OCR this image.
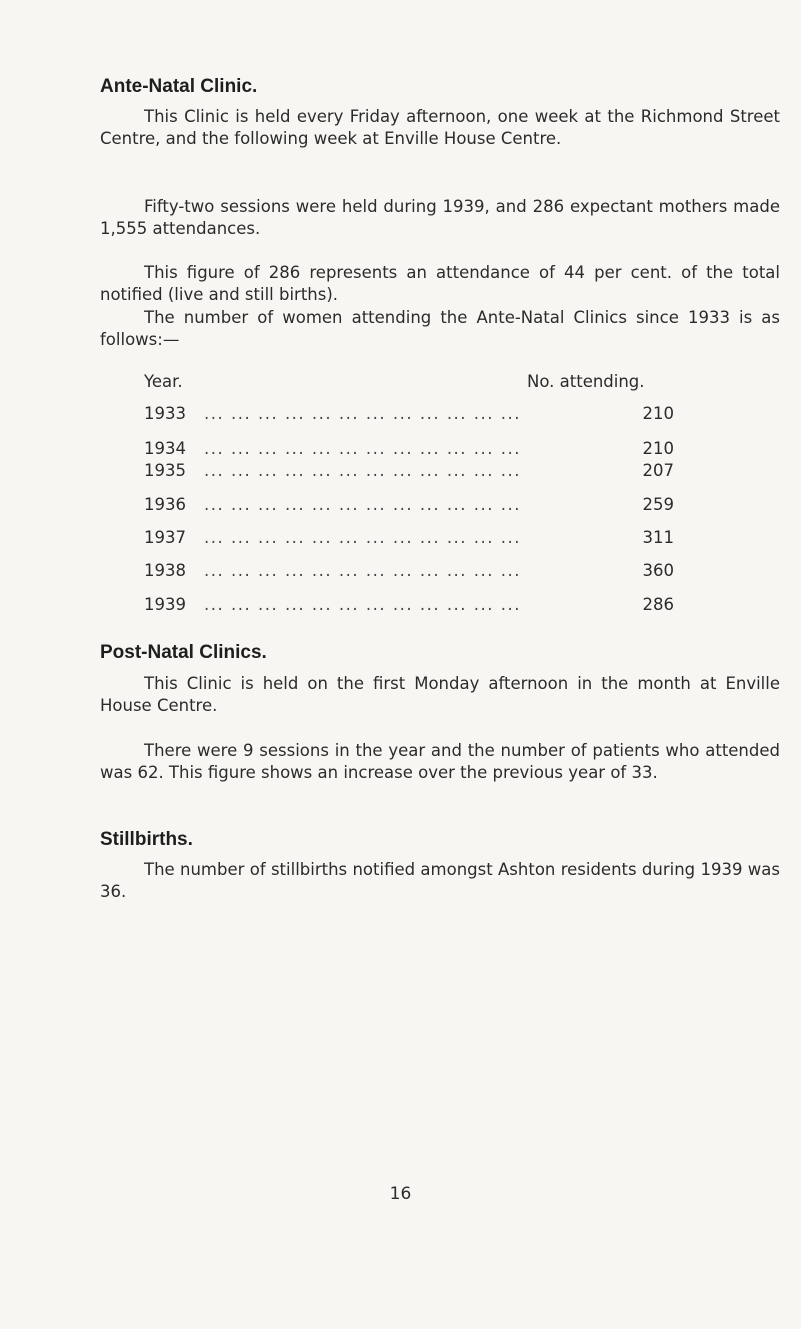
Ante-Natal Clinic.
This Clinic is held every Friday afternoon, one week at the Richmond Street Centre, and the following week at Enville House Centre.
Fifty-two sessions were held during 1939, and 286 expectant mothers made 1,555 attendances.
This figure of 286 represents an attendance of 44 per cent. of the total notified (live and still births).
The number of women attending the Ante-Natal Clinics since 1933 is as follows:—
Year.	No. attending.
1933 ... ... ... ... ... ... ... ... ... ... ... ...	210
1934 ... ... ... ... ... ... ... ... ... ... ... ...	210
1935 ... ... ... ... ... ... ... ... ... ... ... ...	207
1936 ... ... ... ... ... ... ... ... ... ... ... ...	259
1937 ... ... ... ... ... ... ... ... ... ... ... ...	311
1938 ... ... ... ... ... ... ... ... ... ... ... ...	360
1939 ... ... ... ... ... ... ... ... ... ... ... ...	286
Post-Natal Clinics.
This Clinic is held on the first Monday afternoon in the month at Enville House Centre.
There were 9 sessions in the year and the number of patients who attended was 62. This figure shows an increase over the previous year of 33.
Stillbirths.
The number of stillbirths notified amongst Ashton residents during 1939 was 36.
16
